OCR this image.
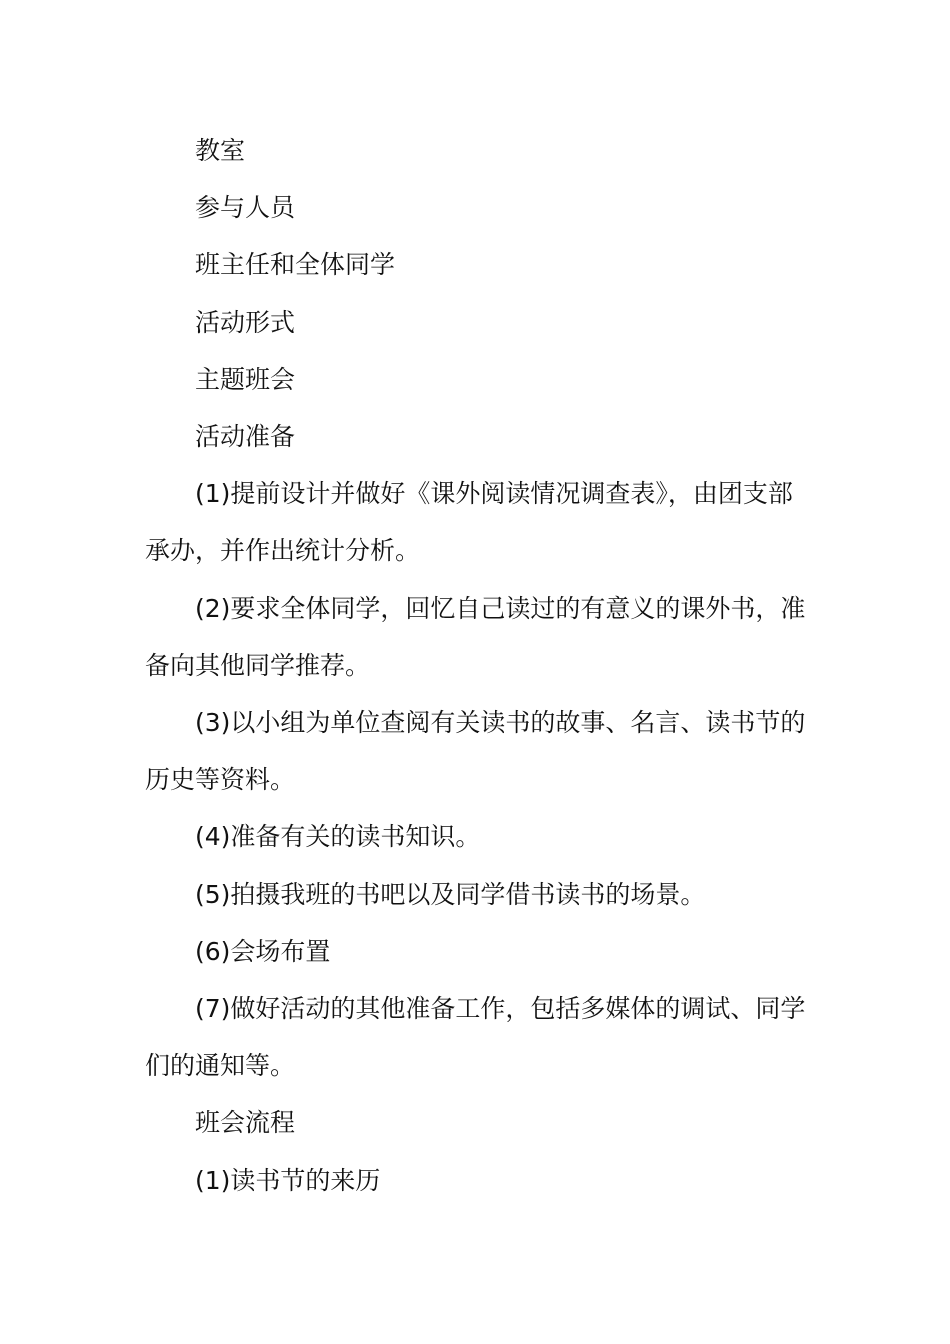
教室

参与人员

班主任和全体同学

活动形式

主题班会

活动准备

(1)提前设计并做好《课外阅读情况调查表》，由团支部承办，并作出统计分析。

(2)要求全体同学，回忆自己读过的有意义的课外书，准备向其他同学推荐。

(3)以小组为单位查阅有关读书的故事、名言、读书节的历史等资料。

(4)准备有关的读书知识。

(5)拍摄我班的书吧以及同学借书读书的场景。

(6)会场布置

(7)做好活动的其他准备工作，包括多媒体的调试、同学们的通知等。

班会流程

(1)读书节的来历
